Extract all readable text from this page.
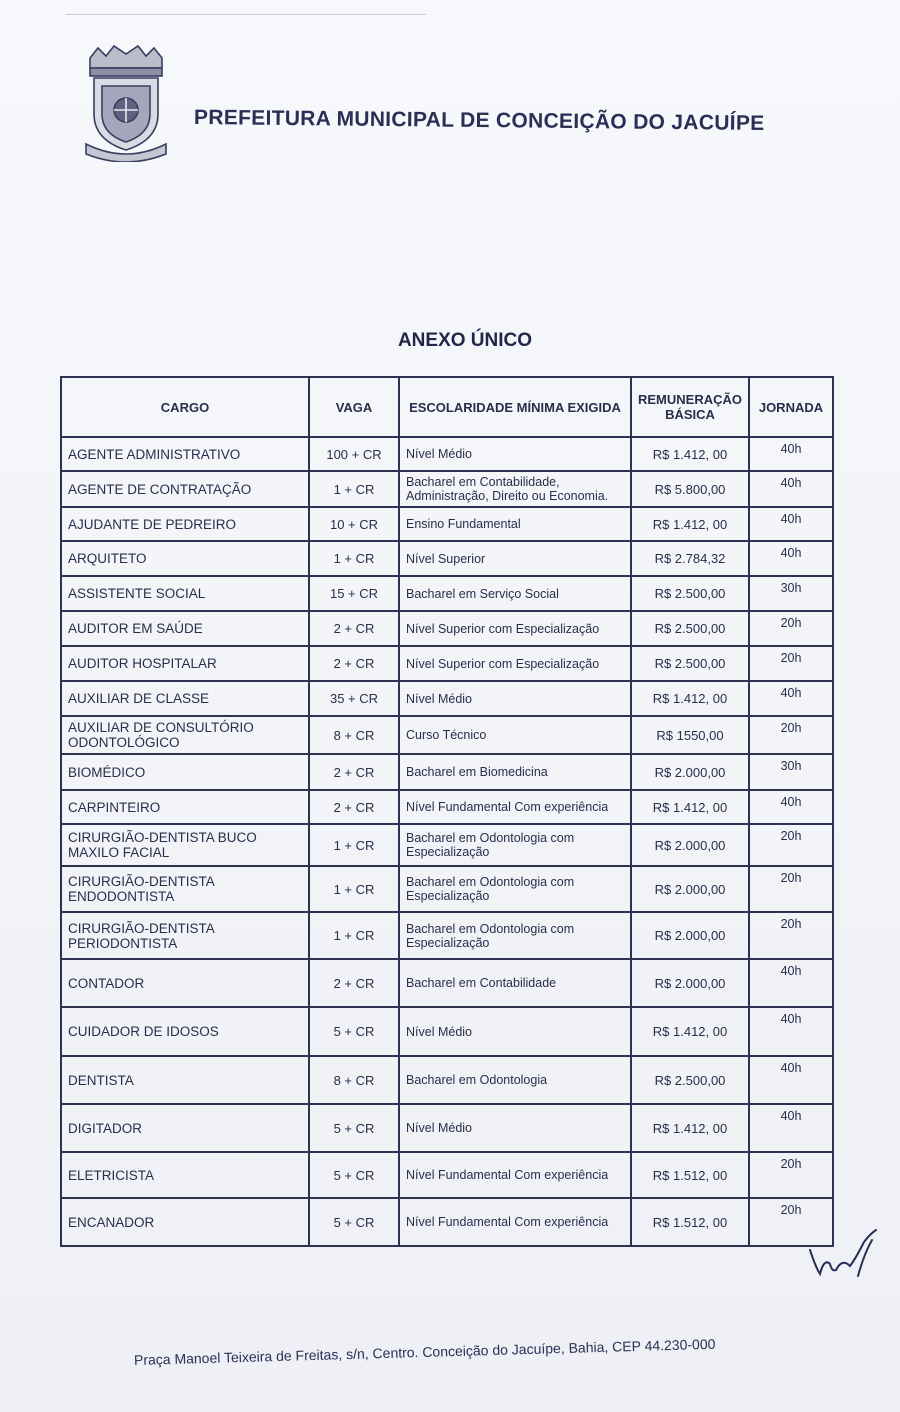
PREFEITURA MUNICIPAL DE CONCEIÇÃO DO JACUÍPE
ANEXO ÚNICO
CARGO	VAGA	ESCOLARIDADE MÍNIMA EXIGIDA	REMUNERAÇÃO BÁSICA	JORNADA
AGENTE ADMINISTRATIVO	100 + CR	Nível Médio	R$ 1.412, 00	40h
AGENTE DE CONTRATAÇÃO	1 + CR	Bacharel em Contabilidade, Administração, Direito ou Economia.	R$ 5.800,00	40h
AJUDANTE DE PEDREIRO	10 + CR	Ensino Fundamental	R$ 1.412, 00	40h
ARQUITETO	1 + CR	Nível Superior	R$ 2.784,32	40h
ASSISTENTE SOCIAL	15 + CR	Bacharel em Serviço Social	R$ 2.500,00	30h
AUDITOR EM SAÚDE	2 + CR	Nível Superior com Especialização	R$ 2.500,00	20h
AUDITOR HOSPITALAR	2 + CR	Nível Superior com Especialização	R$ 2.500,00	20h
AUXILIAR DE CLASSE	35 + CR	Nível Médio	R$ 1.412, 00	40h
AUXILIAR DE CONSULTÓRIO ODONTOLÓGICO	8 + CR	Curso Técnico	R$ 1550,00	20h
BIOMÉDICO	2 + CR	Bacharel em Biomedicina	R$ 2.000,00	30h
CARPINTEIRO	2 + CR	Nível Fundamental Com experiência	R$ 1.412, 00	40h
CIRURGIÃO-DENTISTA BUCO MAXILO FACIAL	1 + CR	Bacharel em Odontologia com Especialização	R$ 2.000,00	20h
CIRURGIÃO-DENTISTA ENDODONTISTA	1 + CR	Bacharel em Odontologia com Especialização	R$ 2.000,00	20h
CIRURGIÃO-DENTISTA PERIODONTISTA	1 + CR	Bacharel em Odontologia com Especialização	R$ 2.000,00	20h
CONTADOR	2 + CR	Bacharel em Contabilidade	R$ 2.000,00	40h
CUIDADOR DE IDOSOS	5 + CR	Nível Médio	R$ 1.412, 00	40h
DENTISTA	8 + CR	Bacharel em Odontologia	R$ 2.500,00	40h
DIGITADOR	5 + CR	Nível Médio	R$ 1.412, 00	40h
ELETRICISTA	5 + CR	Nível Fundamental Com experiência	R$ 1.512, 00	20h
ENCANADOR	5 + CR	Nível Fundamental Com experiência	R$ 1.512, 00	20h
Praça Manoel Teixeira de Freitas, s/n, Centro. Conceição do Jacuípe, Bahia, CEP 44.230-000
